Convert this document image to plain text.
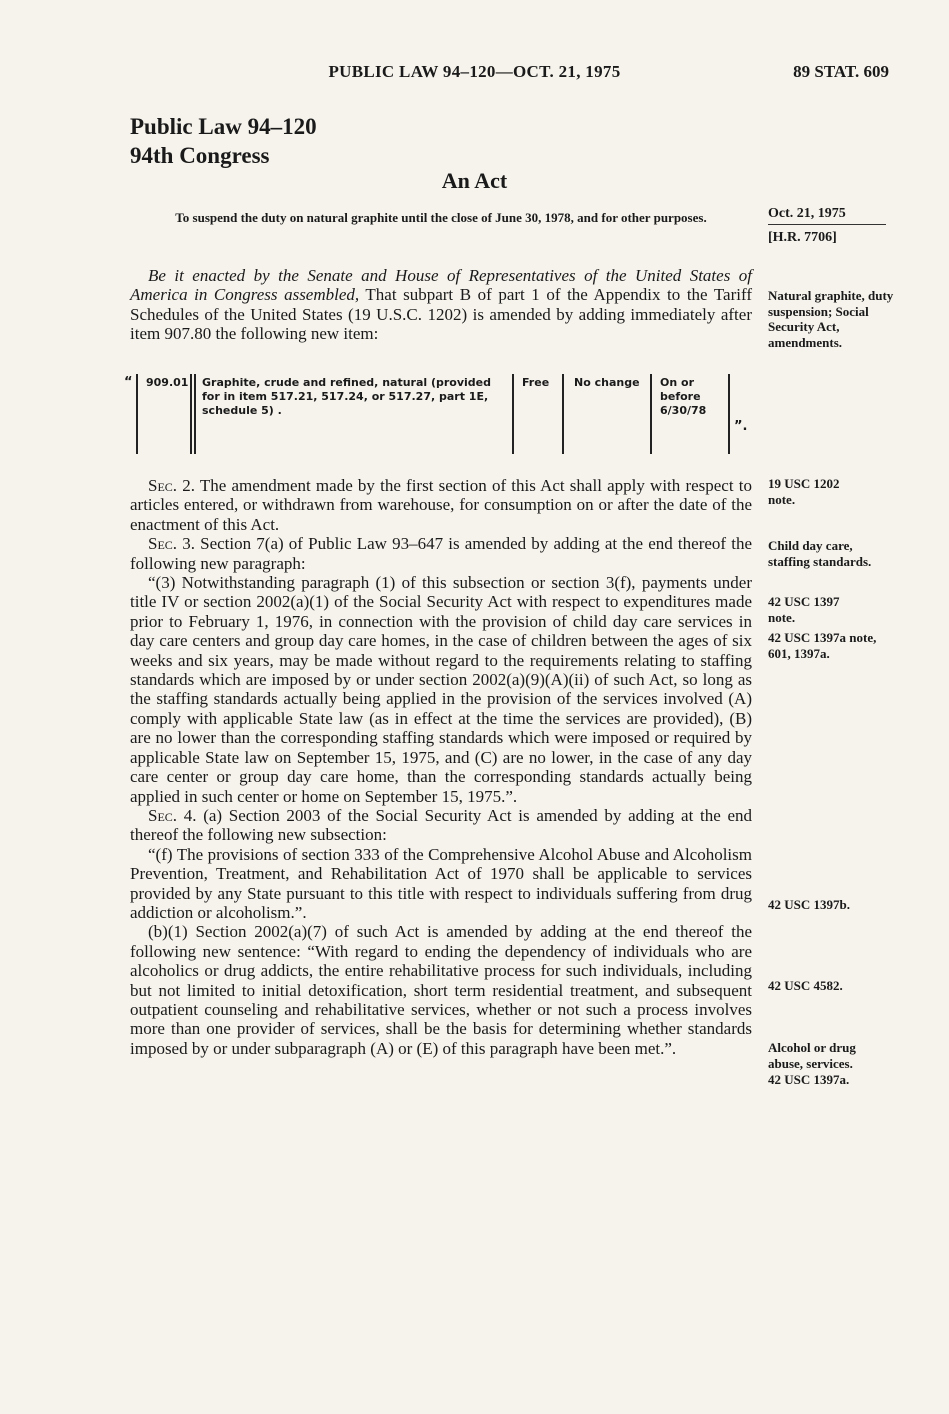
PUBLIC LAW 94–120—OCT. 21, 1975	89 STAT. 609
Public Law 94–120
94th Congress
An Act
To suspend the duty on natural graphite until the close of June 30, 1978, and for other purposes.	Oct. 21, 1975
[H.R. 7706]

Be it enacted by the Senate and House of Representatives of the United States of America in Congress assembled, That subpart B of part 1 of the Appendix to the Tariff Schedules of the United States (19 U.S.C. 1202) is amended by adding immediately after item 907.80 the following new item:

“ 909.01 Graphite, crude and refined, natural (provided for in item 517.21, 517.24, or 517.27, part 1E, schedule 5) .
Free No change On or before 6/30/78
”.

Sec. 2. The amendment made by the first section of this Act shall apply with respect to articles entered, or withdrawn from warehouse, for consumption on or after the date of the enactment of this Act.

Sec. 3. Section 7(a) of Public Law 93–647 is amended by adding at the end thereof the following new paragraph:

“(3) Notwithstanding paragraph (1) of this subsection or section 3(f), payments under title IV or section 2002(a)(1) of the Social Security Act with respect to expenditures made prior to February 1, 1976, in connection with the provision of child day care services in day care centers and group day care homes, in the case of children between the ages of six weeks and six years, may be made without regard to the requirements relating to staffing standards which are imposed by or under section 2002(a)(9)(A)(ii) of such Act, so long as the staffing standards actually being applied in the provision of the services involved (A) comply with applicable State law (as in effect at the time the services are provided), (B) are no lower than the corresponding staffing standards which were imposed or required by applicable State law on September 15, 1975, and (C) are no lower, in the case of any day care center or group day care home, than the corresponding standards actually being applied in such center or home on September 15, 1975.”.

Sec. 4. (a) Section 2003 of the Social Security Act is amended by adding at the end thereof the following new subsection:

“(f) The provisions of section 333 of the Comprehensive Alcohol Abuse and Alcoholism Prevention, Treatment, and Rehabilitation Act of 1970 shall be applicable to services provided by any State pursuant to this title with respect to individuals suffering from drug addiction or alcoholism.”.

(b)(1) Section 2002(a)(7) of such Act is amended by adding at the end thereof the following new sentence: “With regard to ending the dependency of individuals who are alcoholics or drug addicts, the entire rehabilitative process for such individuals, including but not limited to initial detoxification, short term residential treatment, and subsequent outpatient counseling and rehabilitative services, whether or not such a process involves more than one provider of services, shall be the basis for determining whether standards imposed by or under subparagraph (A) or (E) of this paragraph have been met.”.

Natural graphite, duty suspension; Social Security Act, amendments.
19 USC 1202 note.
Child day care, staffing standards.
42 USC 1397 note.
42 USC 1397a note, 601, 1397a.
42 USC 1397b.
42 USC 4582.
Alcohol or drug abuse, services.
42 USC 1397a.
